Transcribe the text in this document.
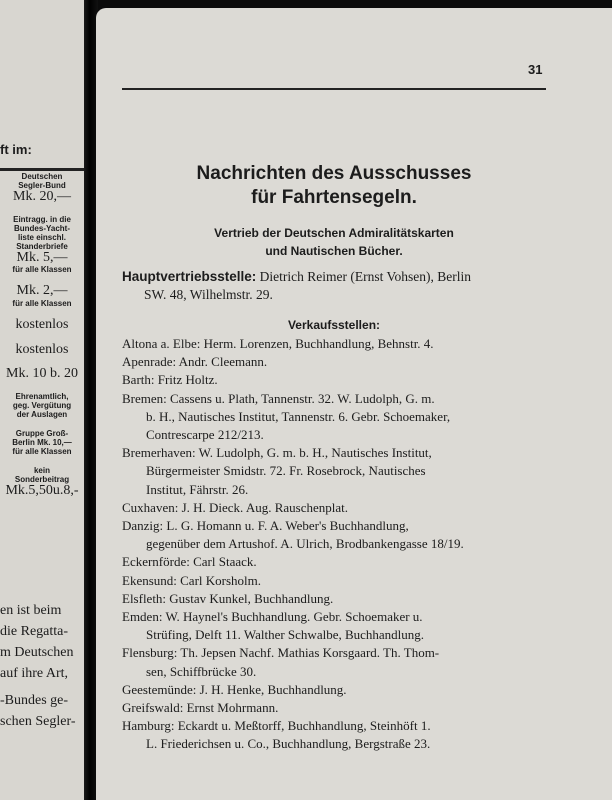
ft im:
Deutschen
Segler-Bund
Mk. 20,—
Eintragg. in die
Bundes-Yacht-
liste einschl.
Standerbriefe
Mk. 5,—
für alle Klassen
Mk. 2,—
für alle Klassen
kostenlos
kostenlos
Mk. 10 b. 20
Ehrenamtlich,
geg. Vergütung
der Auslagen
Gruppe Groß-
Berlin Mk. 10,—
für alle Klassen
kein
Sonderbeitrag
Mk.5,50u.8,-
en ist beim
die Regatta-
m Deutschen
auf ihre Art,
-Bundes ge-
schen Segler-
31
Nachrichten des Ausschusses
für Fahrtensegeln.
Vertrieb der Deutschen Admiralitätskarten
und Nautischen Bücher.
Hauptvertriebsstelle: Dietrich Reimer (Ernst Vohsen), Berlin
SW. 48, Wilhelmstr. 29.
Verkaufsstellen:
Altona a. Elbe: Herm. Lorenzen, Buchhandlung, Behnstr. 4.
Apenrade: Andr. Cleemann.
Barth: Fritz Holtz.
Bremen: Cassens u. Plath, Tannenstr. 32. W. Ludolph, G. m.
b. H., Nautisches Institut, Tannenstr. 6. Gebr. Schoemaker,
Contrescarpe 212/213.
Bremerhaven: W. Ludolph, G. m. b. H., Nautisches Institut,
Bürgermeister Smidstr. 72. Fr. Rosebrock, Nautisches
Institut, Fährstr. 26.
Cuxhaven: J. H. Dieck. Aug. Rauschenplat.
Danzig: L. G. Homann u. F. A. Weber's Buchhandlung,
gegenüber dem Artushof. A. Ulrich, Brodbankengasse 18/19.
Eckernförde: Carl Staack.
Ekensund: Carl Korsholm.
Elsfleth: Gustav Kunkel, Buchhandlung.
Emden: W. Haynel's Buchhandlung. Gebr. Schoemaker u.
Strüfing, Delft 11. Walther Schwalbe, Buchhandlung.
Flensburg: Th. Jepsen Nachf. Mathias Korsgaard. Th. Thom-
sen, Schiffbrücke 30.
Geestemünde: J. H. Henke, Buchhandlung.
Greifswald: Ernst Mohrmann.
Hamburg: Eckardt u. Meßtorff, Buchhandlung, Steinhöft 1.
L. Friederichsen u. Co., Buchhandlung, Bergstraße 23.
